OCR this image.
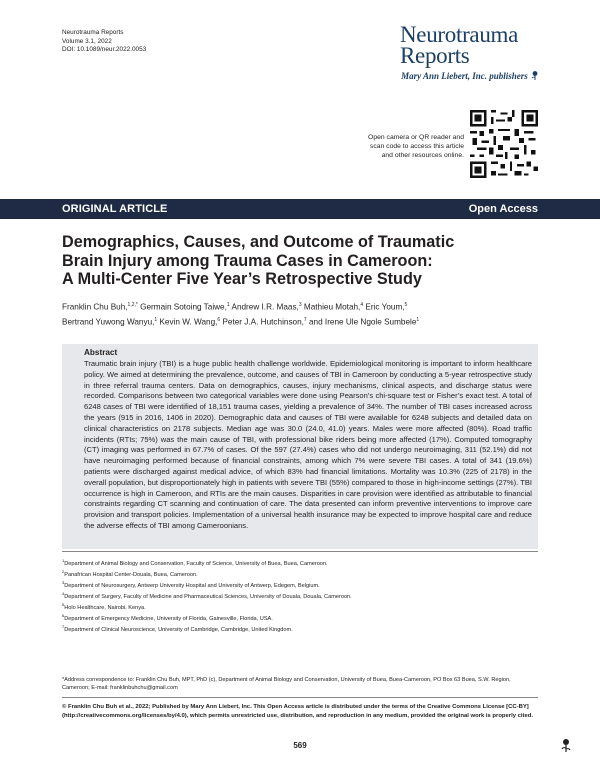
Neurotrauma Reports
Volume 3.1, 2022
DOI: 10.1089/neur.2022.0053
Neurotrauma
Reports
Mary Ann Liebert, Inc. publishers
Open camera or QR reader and
scan code to access this article
and other resources online.
ORIGINAL ARTICLE	Open Access
Demographics, Causes, and Outcome of Traumatic
Brain Injury among Trauma Cases in Cameroon:
A Multi-Center Five Year’s Retrospective Study
Franklin Chu Buh,$^{1,2,*}$ Germain Sotoing Taiwe,$^1$ Andrew I.R. Maas,$^3$ Mathieu Motah,$^4$ Eric Youm,$^5$
Bertrand Yuwong Wanyu,$^1$ Kevin W. Wang,$^6$ Peter J.A. Hutchinson,$^7$ and Irene Ule Ngole Sumbele$^1$
Abstract
Traumatic brain injury (TBI) is a huge public health challenge worldwide. Epidemiological monitoring is important to inform healthcare policy. We aimed at determining the prevalence, outcome, and causes of TBI in Cameroon by conducting a 5-year retrospective study in three referral trauma centers. Data on demographics, causes, injury mechanisms, clinical aspects, and discharge status were recorded. Comparisons between two categorical variables were done using Pearson’s chi-square test or Fisher’s exact test. A total of 6248 cases of TBI were identified of 18,151 trauma cases, yielding a prevalence of 34%. The number of TBI cases increased across the years (915 in 2016, 1406 in 2020). Demographic data and causes of TBI were available for 6248 subjects and detailed data on clinical characteristics on 2178 subjects. Median age was 30.0 (24.0, 41.0) years. Males were more affected (80%). Road traffic incidents (RTIs; 75%) was the main cause of TBI, with professional bike riders being more affected (17%). Computed tomography (CT) imaging was performed in 67.7% of cases. Of the 597 (27.4%) cases who did not undergo neuroimaging, 311 (52.1%) did not have neuroimaging performed because of financial constraints, among which 7% were severe TBI cases. A total of 341 (19.6%) patients were discharged against medical advice, of which 83% had financial limitations. Mortality was 10.3% (225 of 2178) in the overall population, but disproportionately high in patients with severe TBI (55%) compared to those in high-income settings (27%). TBI occurrence is high in Cameroon, and RTIs are the main causes. Disparities in care provision were identified as attributable to financial constraints regarding CT scanning and continuation of care. The data presented can inform preventive interventions to improve care provision and transport policies. Implementation of a universal health insurance may be expected to improve hospital care and reduce the adverse effects of TBI among Cameroonians.
$^1$Department of Animal Biology and Conservation, Faculty of Science, University of Buea, Buea, Cameroon.
$^2$Panafrican Hospital Center-Douala, Buea, Cameroon.
$^3$Department of Neurosurgery, Antwerp University Hospital and University of Antwerp, Edegem, Belgium.
$^4$Department of Surgery, Faculty of Medicine and Pharmaceutical Sciences, University of Douala, Douala, Cameroon.
$^5$Holo Healthcare, Nairobi, Kenya.
$^6$Department of Emergency Medicine, University of Florida, Gainesville, Florida, USA.
$^7$Department of Clinical Neuroscience, University of Cambridge, Cambridge, United Kingdom.
*Address correspondence to: Franklin Chu Buh, MPT, PhD (c), Department of Animal Biology and Conservation, University of Buea, Buea-Cameroon, PO Box 63 Buea, S.W. Region, Cameroon; E-mail: franklinbuhchu@gmail.com
© Franklin Chu Buh et al., 2022; Published by Mary Ann Liebert, Inc. This Open Access article is distributed under the terms of the Creative Commons License [CC-BY] (http://creativecommons.org/licenses/by/4.0), which permits unrestricted use, distribution, and reproduction in any medium, provided the original work is properly cited.
569
